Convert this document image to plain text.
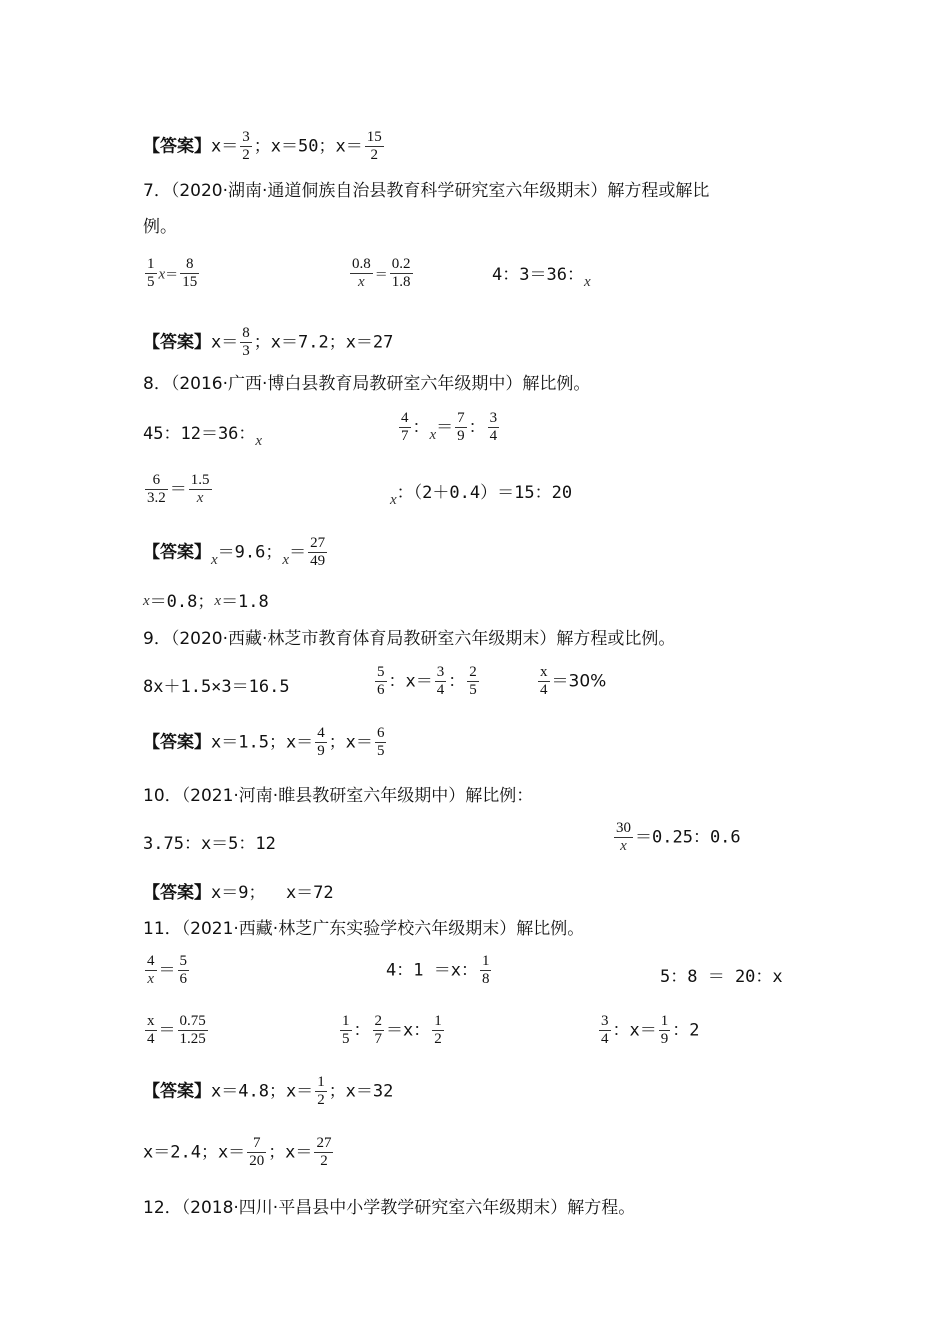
【答案】$x= \frac{3}{2}$ ；x＝50；$x= \frac{15}{2}$
7．（2020·湖南·通道侗族自治县教育科学研究室六年级期末）解方程或解比
例。
$\frac{1}{5} x= \frac{8}{15}$	$\frac{0.8}{x} = \frac{0.2}{1.8}$	4：3＝36：x
【答案】$x= \frac{8}{3}$ ；x＝7.2；x＝27
8．（2016·广西·博白县教育局教研室六年级期中）解比例。
45：12＝36：x	$\frac{4}{7}$ ：$x= \frac{7}{9}$ ： $\frac{3}{4}$
$\frac{6}{3.2} = \frac{1.5}{x}$	x：（2＋0.4）＝15：20
【答案】x＝9.6；$x= \frac{27}{49}$
x＝0.8；x＝1.8
9．（2020·西藏·林芝市教育体育局教研室六年级期末）解方程或比例。
8x＋1.5×3＝16.5	$\frac{5}{6}$ ：$x= \frac{3}{4}$ ： $\frac{2}{5}$	$\frac{x}{4} =30\%$
【答案】x＝1.5；$x= \frac{4}{9}$ ；$x= \frac{6}{5}$
10．（2021·河南·睢县教研室六年级期中）解比例：
3.75：x＝5：12	$\frac{30}{x} =0.25$：0.6
【答案】x＝9；  x＝72
11．（2021·西藏·林芝广东实验学校六年级期末）解比例。
$\frac{4}{x} = \frac{5}{6}$	4：1 ＝x： $\frac{1}{8}$	5：8 ＝ 20：x
$\frac{x}{4} = \frac{0.75}{1.25}$	$\frac{1}{5}$ ： $\frac{2}{7} =x$： $\frac{1}{2}$	$\frac{3}{4}$ ：$x= \frac{1}{9}$ ：2
【答案】x＝4.8；$x= \frac{1}{2}$ ；x＝32
x＝2.4；$x= \frac{7}{20}$ ；$x= \frac{27}{2}$
12．（2018·四川·平昌县中小学教学研究室六年级期末）解方程。
